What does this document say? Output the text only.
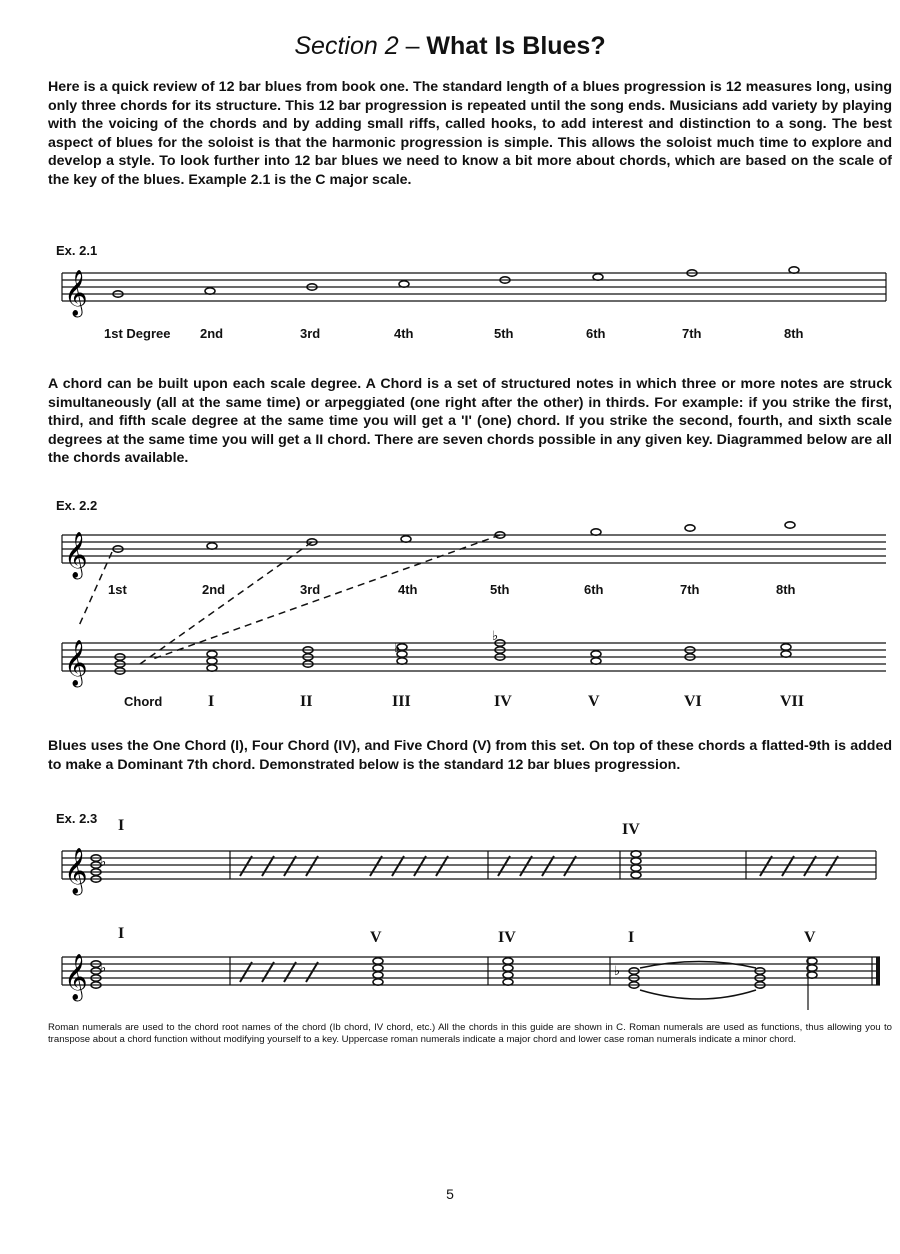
Section 2 – What Is Blues?

Here is a quick review of 12 bar blues from book one. The standard length of a blues progression is 12 measures long, using only three chords for its structure. This 12 bar progression is repeated until the song ends. Musicians add variety by playing with the voicing of the chords and by adding small riffs, called hooks, to add interest and distinction to a song. The best aspect of blues for the soloist is that the harmonic progression is simple. This allows the soloist much time to explore and develop a style. To look further into 12 bar blues we need to know a bit more about chords, which are based on the scale of the key of the blues. Example 2.1 is the C major scale.

Ex. 2.1
𝄞
1st Degree 2nd	3rd	4th	5th	6th	7th	8th

A chord can be built upon each scale degree. A Chord is a set of structured notes in which three or more notes are struck simultaneously (all at the same time) or arpeggiated (one right after the other) in thirds. For example: if you strike the first, third, and fifth scale degree at the same time you will get a 'I' (one) chord. If you strike the second, fourth, and sixth scale degrees at the same time you will get a II chord. There are seven chords possible in any given key. Diagrammed below are all the chords available.

Ex. 2.2
𝄞
𝄞	♭
♭
1st	2nd	3rd	4th	5th	6th	7th	8th
Chord	I	II	III	IV	V	VI	VII

Blues uses the One Chord (I), Four Chord (IV), and Five Chord (V) from this set. On top of these chords a flatted-9th is added to make a Dominant 7th chord. Demonstrated below is the standard 12 bar blues progression.

Ex. 2.3
𝄞
𝄞
♭
♭	♭
I	IV
I	V	IV	I	V

Roman numerals are used to the chord root names of the chord (Ib chord, IV chord, etc.) All the chords in this guide are shown in C. Roman numerals are used as functions, thus allowing you to transpose about a chord function without modifying yourself to a key. Uppercase roman numerals indicate a major chord and lower case roman numerals indicate a minor chord.

5
